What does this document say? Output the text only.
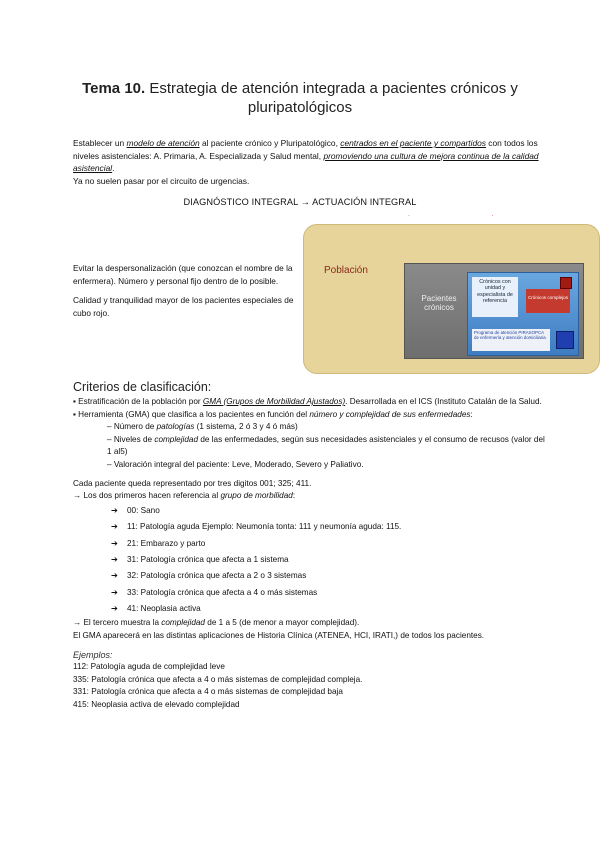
Tema 10. Estrategia de atención integrada a pacientes crónicos y pluripatológicos
Establecer un modelo de atención al paciente crónico y Pluripatológico, centrados en el paciente y compartidos con todos los niveles asistenciales: A. Primaria, A. Especializada y Salud mental, promoviendo una cultura de mejora continua de la calidad asistencial.
Ya no suelen pasar por el circuito de urgencias.
DIAGNÓSTICO INTEGRAL → ACTUACIÓN INTEGRAL
· ·

Evitar la despersonalización (que conozcan el nombre de la enfermera). Número y personal fijo dentro de lo posible.

Calidad y tranquilidad mayor de los pacientes especiales de cubo rojo.

Población
Pacientes crónicos
Crónicos con unidad y especialista de referencia
Crónicos complejos
Programa de atención PIRASOPCA de enfermería y atención domiciliaria
Criterios de clasificación:
▪ Estratificación de la población por GMA (Grupos de Morbilidad Ajustados). Desarrollada en el ICS (Instituto Catalán de la Salud.
▪ Herramienta (GMA) que clasifica a los pacientes en función del número y complejidad de sus enfermedades:
– Número de patologías (1 sistema, 2 ó 3 y 4 ó más)
– Niveles de complejidad de las enfermedades, según sus necesidades asistenciales y el consumo de recusos (valor del 1 al5)
– Valoración integral del paciente: Leve, Moderado, Severo y Paliativo.
Cada paciente queda representado por tres digitos 001; 325; 411.
→ Los dos primeros hacen referencia al grupo de morbilidad:
➔ 00: Sano
➔ 11: Patología aguda Ejemplo: Neumonía tonta: 111 y neumonía aguda: 115.
➔ 21: Embarazo y parto
➔ 31: Patología crónica que afecta a 1 sistema
➔ 32: Patología crónica que afecta a 2 o 3 sistemas
➔ 33: Patología crónica que afecta a 4 o más sistemas
➔ 41: Neoplasia activa
→ El tercero muestra la complejidad de 1 a 5 (de menor a mayor complejidad).
El GMA aparecerá en las distintas aplicaciones de Historia Clínica (ATENEA, HCI, IRATI,) de todos los pacientes.
Ejemplos:
112: Patología aguda de complejidad leve
335: Patología crónica que afecta a 4 o más sistemas de complejidad compleja.
331: Patología crónica que afecta a 4 o más sistemas de complejidad baja
415: Neoplasia activa de elevado complejidad
